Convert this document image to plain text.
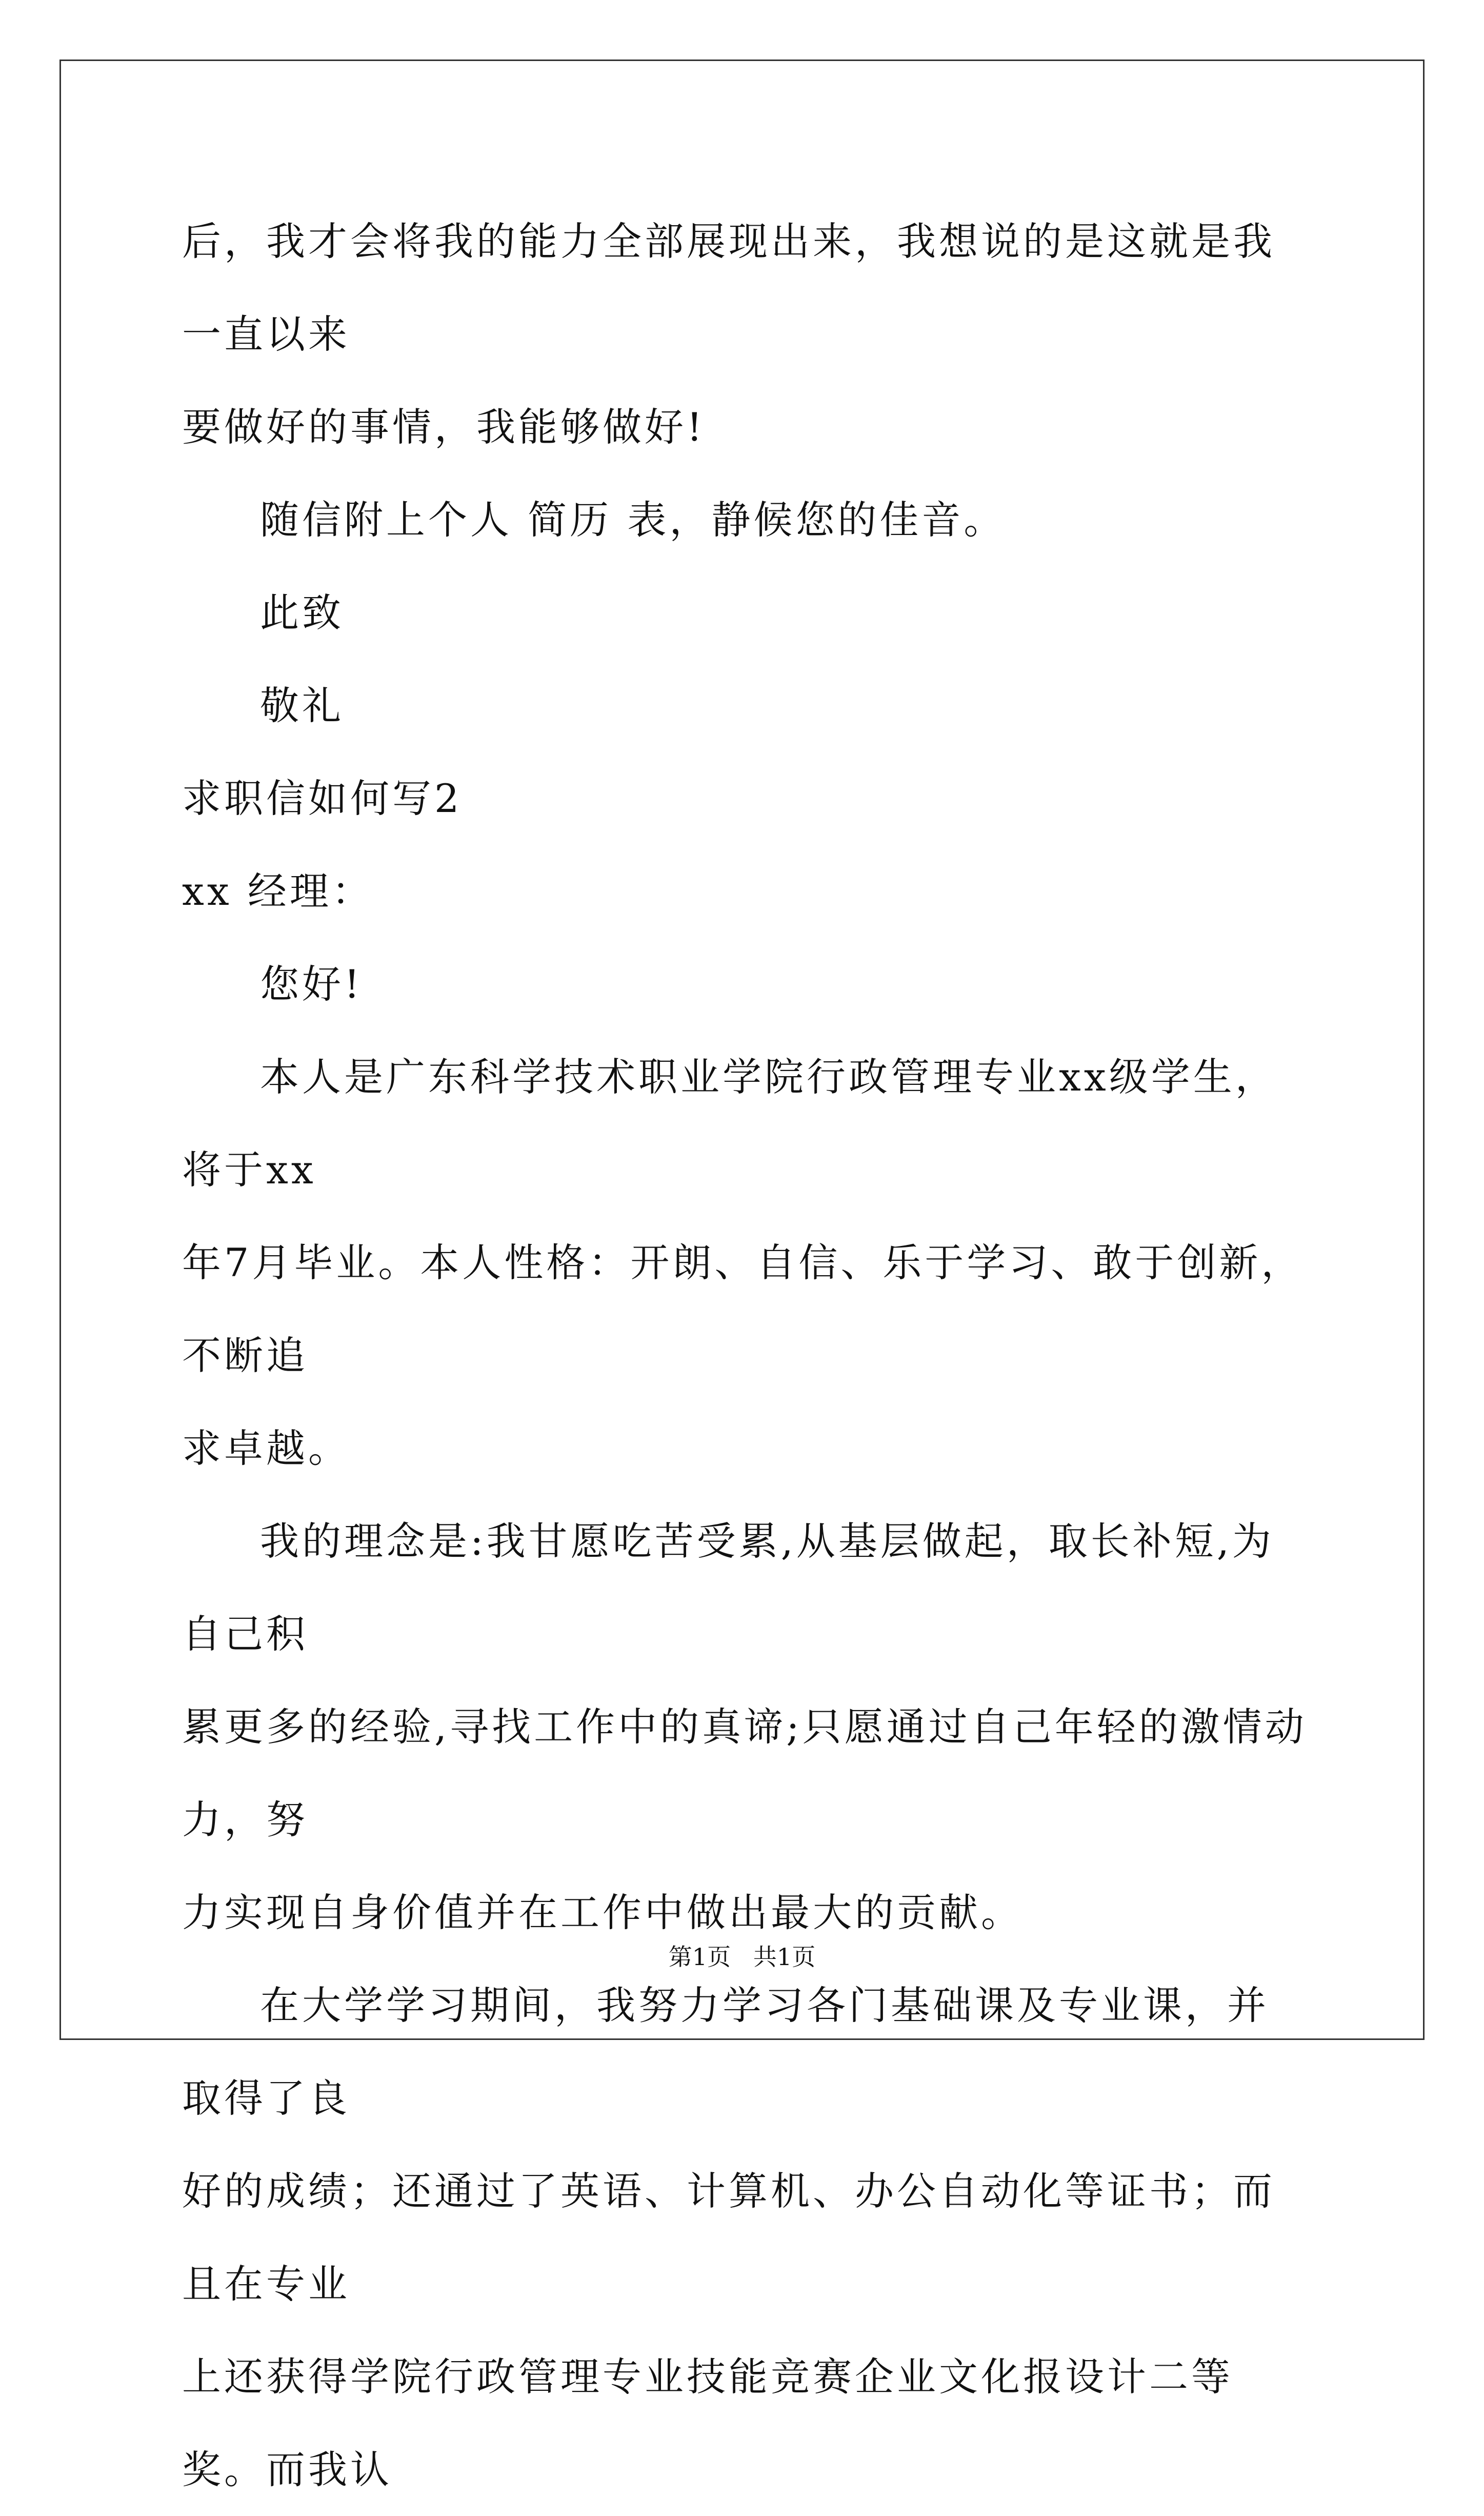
后，我才会将我的能力全部展现出来，我想说的是这就是我一直以来

要做好的事情，我能够做好!

随信附上个人 简历 表，静候您的佳音。

此致

敬礼

求职信如何写2

xx 经理：

您好!

本人是广东科学技术职业学院行政管理专业xx级学生，将于xx

年7月毕业。本人性格：开朗、自信、乐于学习、敢于创新，不断追

求卓越。

我的理念是:我甘愿吃苦受累,从基层做起，取长补短,为自己积

累更多的经验,寻找工作中的真谛;只愿通过自己年轻的激情动力，努

力实现自身价值并在工作中做出最大的贡献。

在大学学习期间，我努力学习各门基础课及专业课，并取得了良

好的成绩；还通过了英语、计算机、办公自动化等证书；而且在专业

上还获得学院行政管理专业技能竞赛企业文化报设计二等奖。而我认

第1页   共1页
